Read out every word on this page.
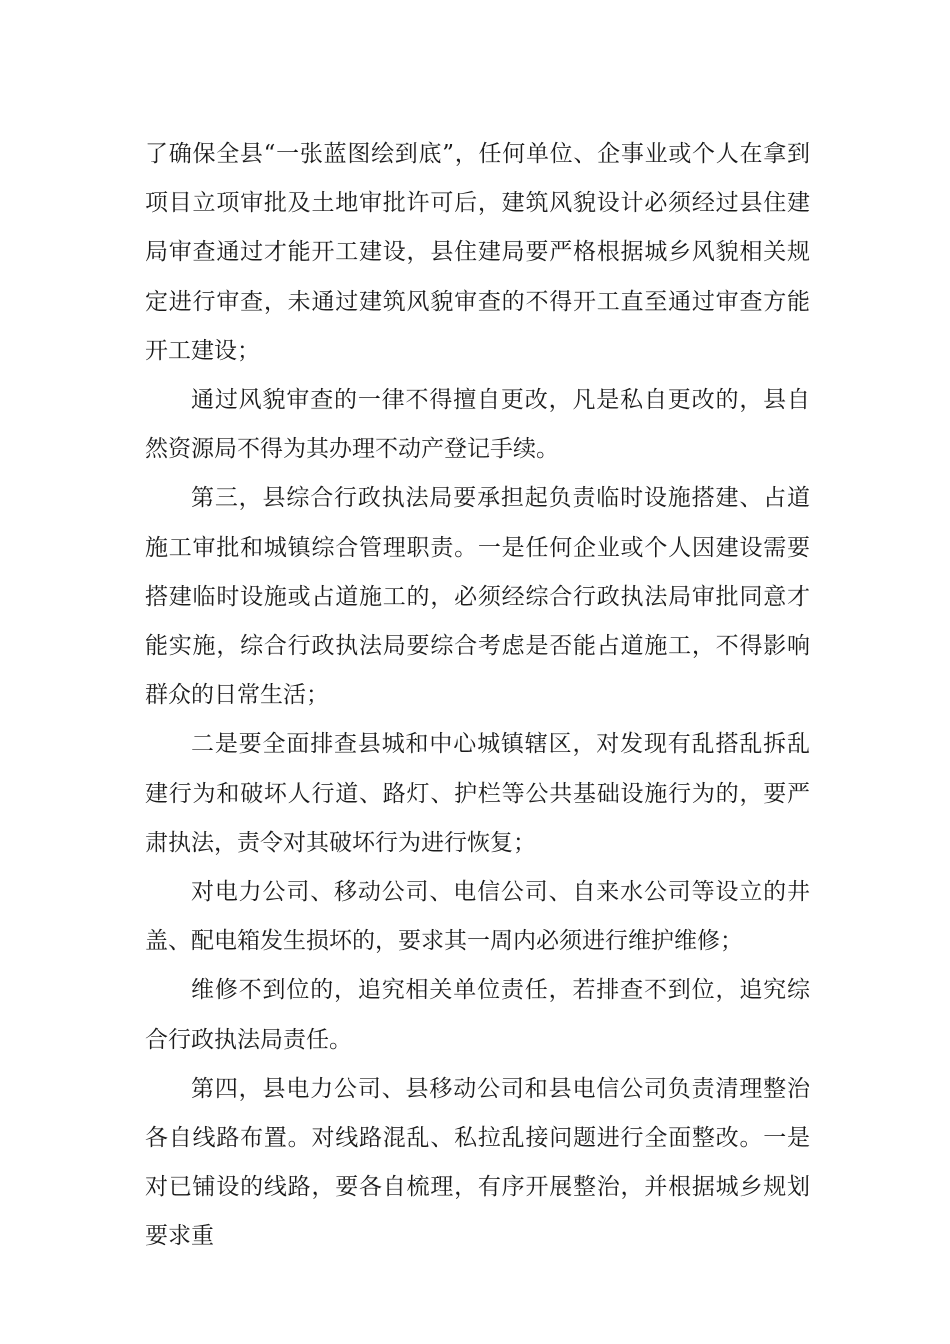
了确保全县“一张蓝图绘到底”，任何单位、企事业或个人在拿到项目立项审批及土地审批许可后，建筑风貌设计必须经过县住建局审查通过才能开工建设，县住建局要严格根据城乡风貌相关规定进行审查，未通过建筑风貌审查的不得开工直至通过审查方能开工建设；

通过风貌审查的一律不得擅自更改，凡是私自更改的，县自然资源局不得为其办理不动产登记手续。

第三，县综合行政执法局要承担起负责临时设施搭建、占道施工审批和城镇综合管理职责。一是任何企业或个人因建设需要搭建临时设施或占道施工的，必须经综合行政执法局审批同意才能实施，综合行政执法局要综合考虑是否能占道施工，不得影响群众的日常生活；

二是要全面排查县城和中心城镇辖区，对发现有乱搭乱拆乱建行为和破坏人行道、路灯、护栏等公共基础设施行为的，要严肃执法，责令对其破坏行为进行恢复；

对电力公司、移动公司、电信公司、自来水公司等设立的井盖、配电箱发生损坏的，要求其一周内必须进行维护维修；

维修不到位的，追究相关单位责任，若排查不到位，追究综合行政执法局责任。

第四，县电力公司、县移动公司和县电信公司负责清理整治各自线路布置。对线路混乱、私拉乱接问题进行全面整改。一是对已铺设的线路，要各自梳理，有序开展整治，并根据城乡规划要求重
